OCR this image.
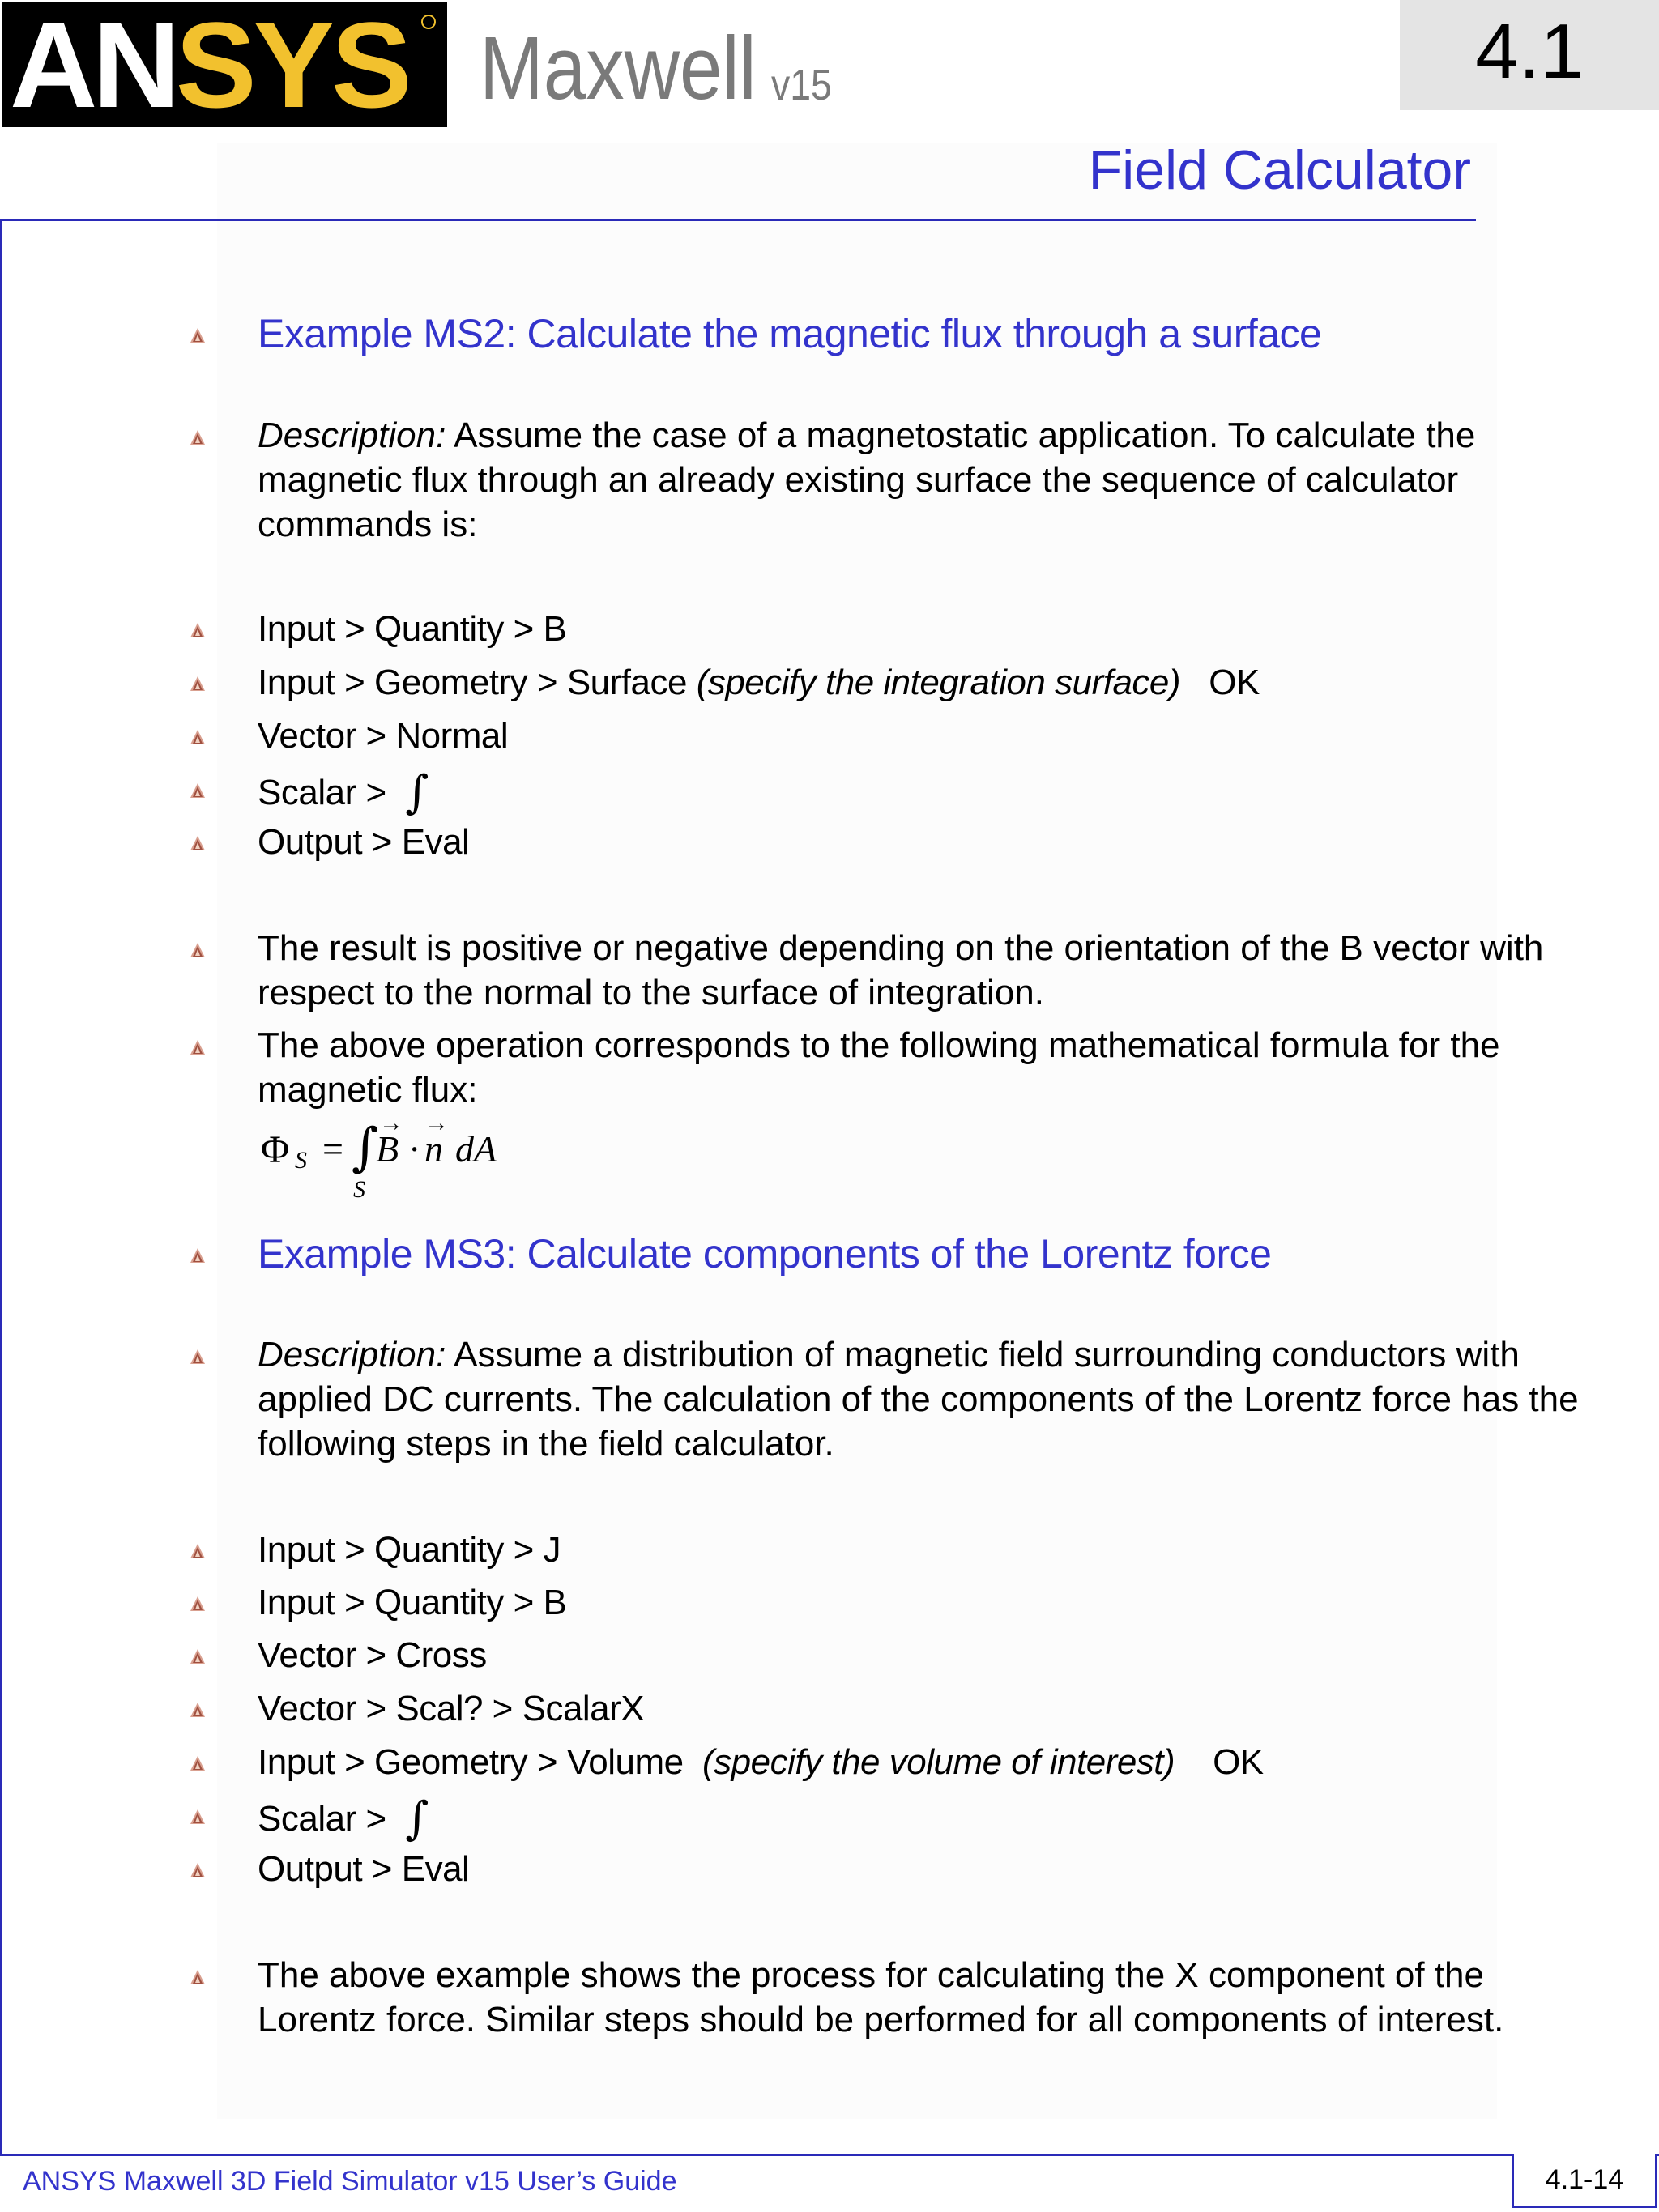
AN SYS Maxwell v15	4.1
Field Calculator
Example MS2: Calculate the magnetic flux through a surface
Description: Assume the case of a magnetostatic application. To calculate the magnetic flux through an already existing surface the sequence of calculator commands is:
Input > Quantity > B
Input > Geometry > Surface (specify the integration surface) OK
Vector > Normal
Scalar > ∫
Output > Eval
The result is positive or negative depending on the orientation of the B vector with respect to the normal to the surface of integration.
The above operation corresponds to the following mathematical formula for the magnetic flux:
Φ S = ∫
S
B
→
· n
→
dA
Example MS3: Calculate components of the Lorentz force
Description: Assume a distribution of magnetic field surrounding conductors with applied DC currents. The calculation of the components of the Lorentz force has the following steps in the field calculator.
Input > Quantity > J
Input > Quantity > B
Vector > Cross
Vector > Scal? > ScalarX
Input > Geometry > Volume (specify the volume of interest) OK
Scalar > ∫
Output > Eval
The above example shows the process for calculating the X component of the Lorentz force. Similar steps should be performed for all components of interest.
ANSYS Maxwell 3D Field Simulator v15 User’s Guide	4.1-14
